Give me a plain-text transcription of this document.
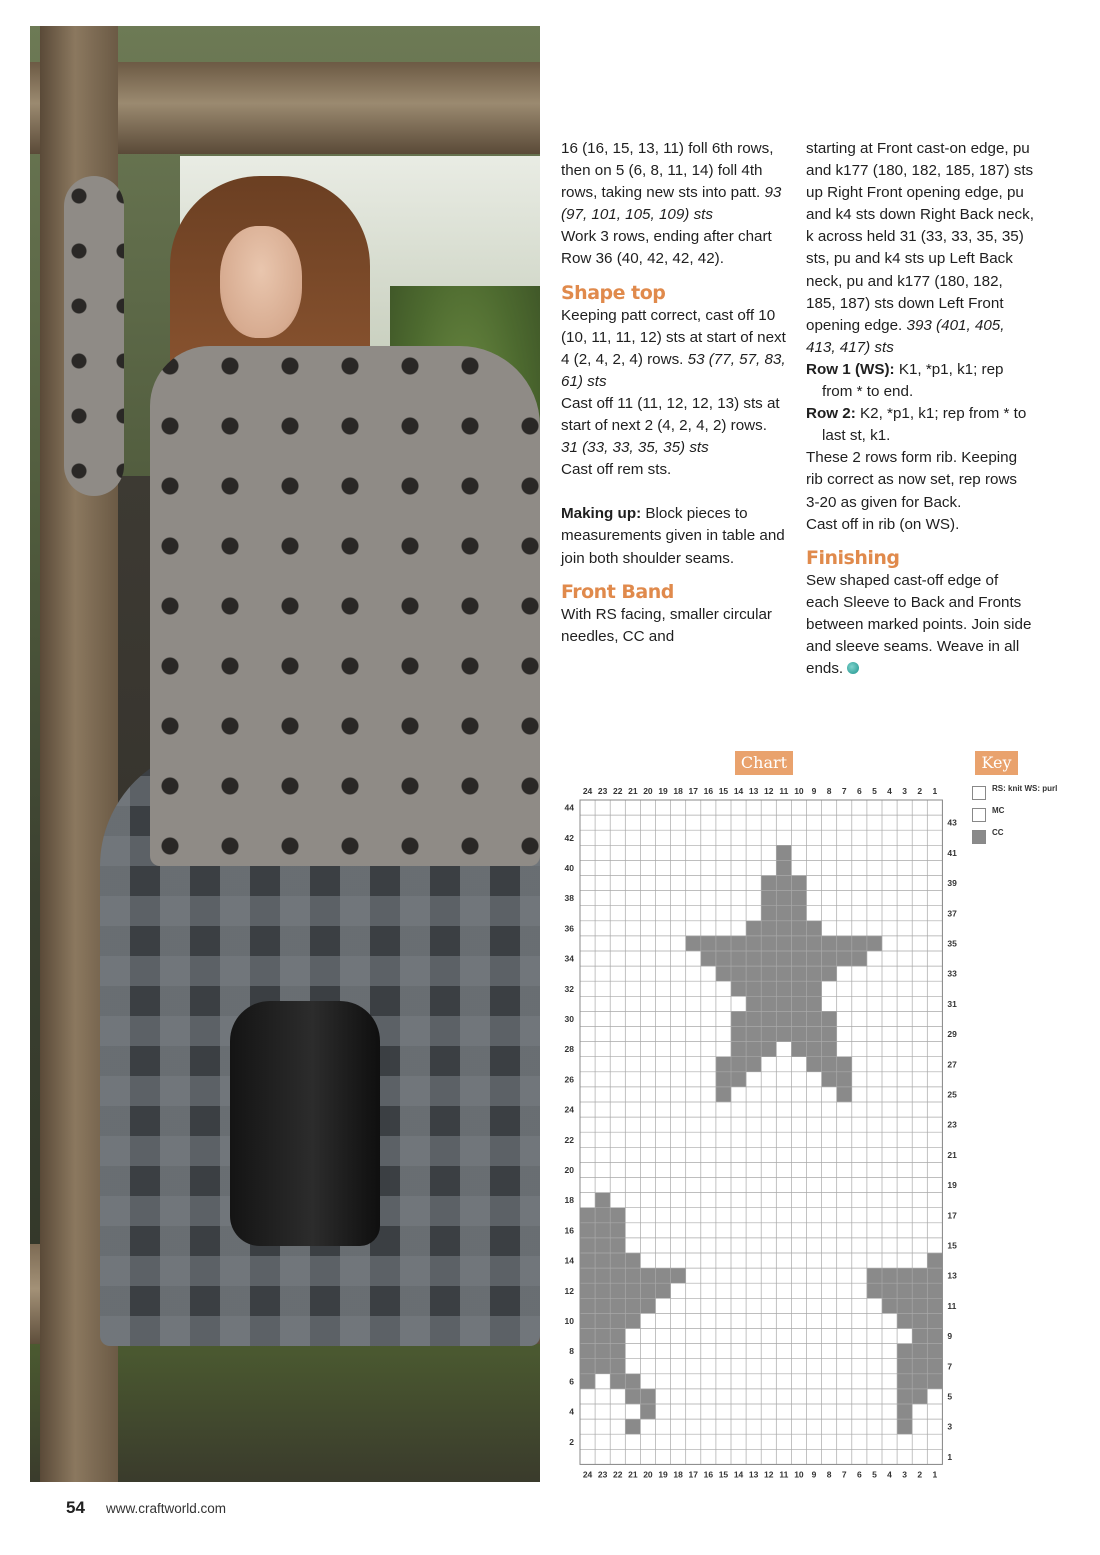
16 (16, 15, 13, 11) foll 6th rows, then on 5 (6, 8, 11, 14) foll 4th rows, taking new sts into patt. 93 (97, 101, 105, 109) sts

Work 3 rows, ending after chart Row 36 (40, 42, 42, 42).

Shape top

Keeping patt correct, cast off 10 (10, 11, 11, 12) sts at start of next 4 (2, 4, 2, 4) rows. 53 (77, 57, 83, 61) sts

Cast off 11 (11, 12, 12, 13) sts at start of next 2 (4, 2, 4, 2) rows. 31 (33, 33, 35, 35) sts

Cast off rem sts.

Making up: Block pieces to measurements given in table and join both shoulder seams.

Front Band

With RS facing, smaller circular needles, CC and

starting at Front cast-on edge, pu and k177 (180, 182, 185, 187) sts up Right Front opening edge, pu and k4 sts down Right Back neck, k across held 31 (33, 33, 35, 35) sts, pu and k4 sts up Left Back neck, pu and k177 (180, 182, 185, 187) sts down Left Front opening edge. 393 (401, 405, 413, 417) sts

Row 1 (WS): K1, *p1, k1; rep from * to end.

Row 2: K2, *p1, k1; rep from * to last st, k1.

These 2 rows form rib. Keeping rib correct as now set, rep rows 3-20 as given for Back.

Cast off in rib (on WS).

Finishing

Sew shaped cast-off edge of each Sleeve to Back and Fronts between marked points. Join side and sleeve seams. Weave in all ends.

Chart	Key
1
1
2
2
3
3
4
4
5
5
6
6
7
7
8
8
9
9
10
10
11
11
12
12
13
13
14
14
15
15
16
16
17
17
18
18
19
19
20
20
21
21
22
22
23
23
24
24
1
2
3
4
5
6
7
8
9
10
11
12
13
14
15
16
17
18
19
20
21
22
23
24
25
26
27
28
29
30
31
32
33
34
35
36
37
38
39
40
41
42
43
44
RS: knit WS: purl
MC
CC
54 www.craftworld.com
